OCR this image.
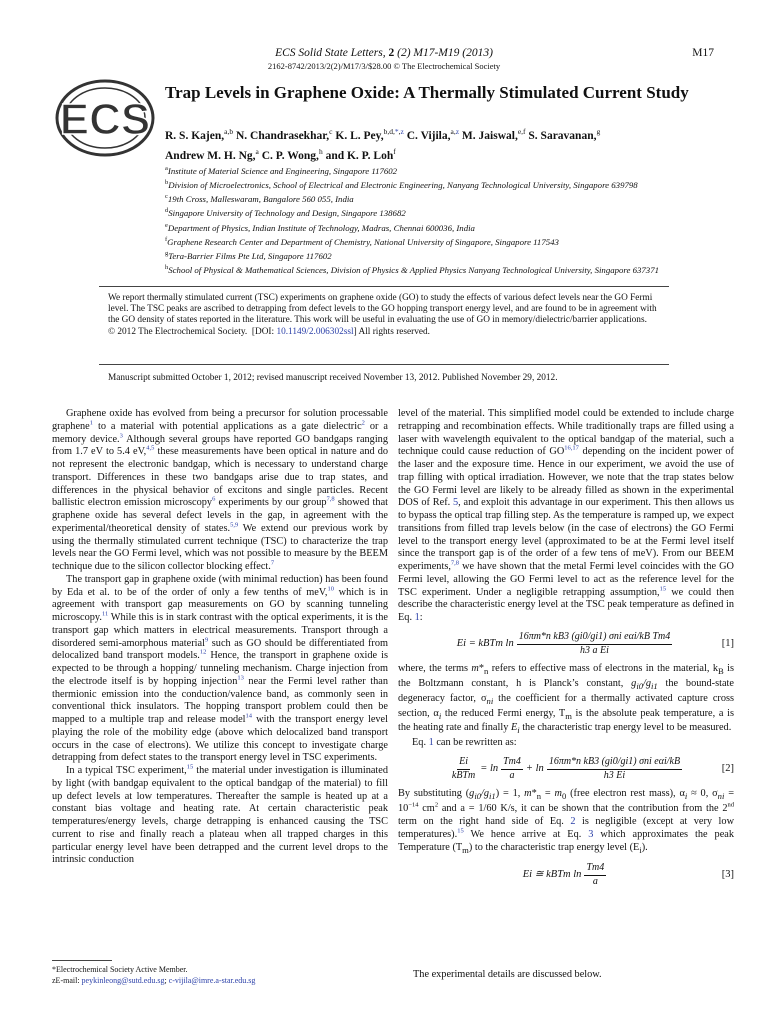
ECS Solid State Letters, 2 (2) M17-M19 (2013)	M17
2162-8742/2013/2(2)/M17/3/$28.00 © The Electrochemical Society
ECS
Trap Levels in Graphene Oxide: A Thermally Stimulated Current Study
R. S. Kajen,$^{a,b}$ N. Chandrasekhar,$^c$ K. L. Pey,$^{b,d,*,z}$ C. Vijila,$^{a,z}$ M. Jaiswal,$^{e,f}$ S. Saravanan,$^g$
Andrew M. H. Ng,$^a$ C. P. Wong,$^h$ and K. P. Loh$^f$
$^a$Institute of Material Science and Engineering, Singapore 117602
$^b$Division of Microelectronics, School of Electrical and Electronic Engineering, Nanyang Technological University, Singapore 639798
$^c$19th Cross, Malleswaram, Bangalore 560 055, India
$^d$Singapore University of Technology and Design, Singapore 138682
$^e$Department of Physics, Indian Institute of Technology, Madras, Chennai 600036, India
$^f$Graphene Research Center and Department of Chemistry, National University of Singapore, Singapore 117543
$^g$Tera-Barrier Films Pte Ltd, Singapore 117602
$^h$School of Physical & Mathematical Sciences, Division of Physics & Applied Physics Nanyang Technological University, Singapore 637371
We report thermally stimulated current (TSC) experiments on graphene oxide (GO) to study the effects of various defect levels near the GO Fermi level. The TSC peaks are ascribed to detrapping from defect levels to the GO hopping transport energy level, and are found to be in agreement with the GO density of states reported in the literature. This work will be useful in evaluating the use of GO in memory/dielectric/barrier applications.
© 2012 The Electrochemical Society. [DOI: 10.1149/2.006302ssl] All rights reserved.
Manuscript submitted October 1, 2012; revised manuscript received November 13, 2012. Published November 29, 2012.

Graphene oxide has evolved from being a precursor for solution processable graphene$^1$ to a material with potential applications as a gate dielectric$^2$ or a memory device.$^3$ Although several groups have reported GO bandgaps ranging from 1.7 eV to 5.4 eV,$^{4,5}$ these measurements have been optical in nature and do not represent the electronic bandgap, which is necessary to understand charge transport. Differences in these two bandgaps arise due to trap states, and differences in the physical behavior of excitons and single particles. Recent ballistic electron emission microscopy$^6$ experiments by our group$^{7,8}$ showed that graphene oxide has several defect levels in the gap, in agreement with the experimental/theoretical density of states.$^{5,9}$ We extend our previous work by using the thermally stimulated current technique (TSC) to characterize the trap levels near the GO Fermi level, which was not possible to measure by the BEEM technique due to the silicon collector blocking effect.$^7$

The transport gap in graphene oxide (with minimal reduction) has been found by Eda et al. to be of the order of only a few tenths of meV,$^{10}$ which is in agreement with transport gap measurements on GO by scanning tunneling microscopy.$^{11}$ While this is in stark contrast with the optical experiments, it is the transport gap which matters in electrical measurements. Transport through a disordered semi-amorphous material$^9$ such as GO should be differentiated from delocalized band transport models.$^{12}$ Hence, the transport in graphene oxide is expected to be through a hopping/ tunneling mechanism. Charge injection from the electrode itself is by hopping injection$^{13}$ near the Fermi level rather than thermionic emission into the conduction/valence band, as commonly seen in conventional thick insulators. The hopping transport problem could then be mapped to a multiple trap and release model$^{14}$ with the transport energy level playing the role of the mobility edge (above which delocalized band transport occurs in the case of electrons). We utilize this concept to investigate charge detrapping from defect states to the transport energy level in TSC experiments.

In a typical TSC experiment,$^{15}$ the material under investigation is illuminated by light (with bandgap equivalent to the optical bandgap of the material) to fill up defect levels at low temperatures. Thereafter the sample is heated up at a constant bias voltage and heating rate. At certain characteristic peak temperatures/energy levels, charge detrapping is enhanced causing the TSC current to rise and finally reach a plateau when all trapped charges in this particular energy level have been detrapped and the current level drops to the intrinsic conduction

level of the material. This simplified model could be extended to include charge retrapping and recombination effects. While traditionally traps are filled using a laser with wavelength equivalent to the optical bandgap of the material, such a technique could cause reduction of GO$^{16,17}$ depending on the incident power of the laser and the exposure time. Hence in our experiment, we avoid the use of trap filling with optical irradiation. However, we note that the trap states below the GO Fermi level are likely to be already filled as shown in the experimental DOS of Ref. 5, and exploit this advantage in our experiment. This then allows us to bypass the optical trap filling step. As the temperature is ramped up, we expect transitions from filled trap levels below (in the case of electrons) the GO Fermi level to the transport energy level (approximated to be at the Fermi level itself since the transport gap is of the order of a few tens of meV). From our BEEM experiments,$^{7,8}$ we have shown that the metal Fermi level coincides with the GO Fermi level, allowing the GO Fermi level to act as the reference level for the TSC experiment. Under a negligible retrapping assumption,$^{15}$ we could then describe the characteristic energy level at the TSC peak temperature as defined in Eq. 1:

Ei = kBTm $\ln \frac{\text{16πm*n kB3 (gi0/gi1) σni eαi/kB Tm4}}{\text{h3 a Ei}}$	[1]

where, the terms $m*_n$ refers to effective mass of electrons in the material, $k_B$ is the Boltzmann constant, h is Planck’s constant, $g_{i0}/g_{i1}$ the bound-state degeneracy factor, $\sigma_{ni}$ the coefficient for a thermally activated capture cross section, $\alpha_i$ the reduced Fermi energy, $T_m$ is the absolute peak temperature, a is the heating rate and finally $E_i$ the characteristic trap energy level to be measured.

Eq. 1 can be rewritten as:

$\frac{Ei}{\text{kBTm}} = \ln \frac{Tm4}{a} + \ln \frac{\text{16πm*n kB3 (gi0/gi1) σni eαi/kB}}{h3 Ei}$	[2]

By substituting $(g_{i0}/g_{i1}) = 1$, $m*_n = m_0$ (free electron rest mass), $\alpha_i \approx 0$, $\sigma_{ni} = 10^{-14}$ $cm^2$ and a = 1/60 K/s, it can be shown that the contribution from the 2nd term on the right hand side of Eq. 2 is negligible (except at very low temperatures).$^{15}$ We hence arrive at Eq. 3 which approximates the peak Temperature $(T_m)$ to the characteristic trap energy level $(E_i)$.

Ei ≅ kBTm $\ln \frac{Tm4}{a}$	[3]
The experimental details are discussed below.
*Electrochemical Society Active Member.
zE-mail: peykinleong@sutd.edu.sg; c-vijila@imre.a-star.edu.sg
